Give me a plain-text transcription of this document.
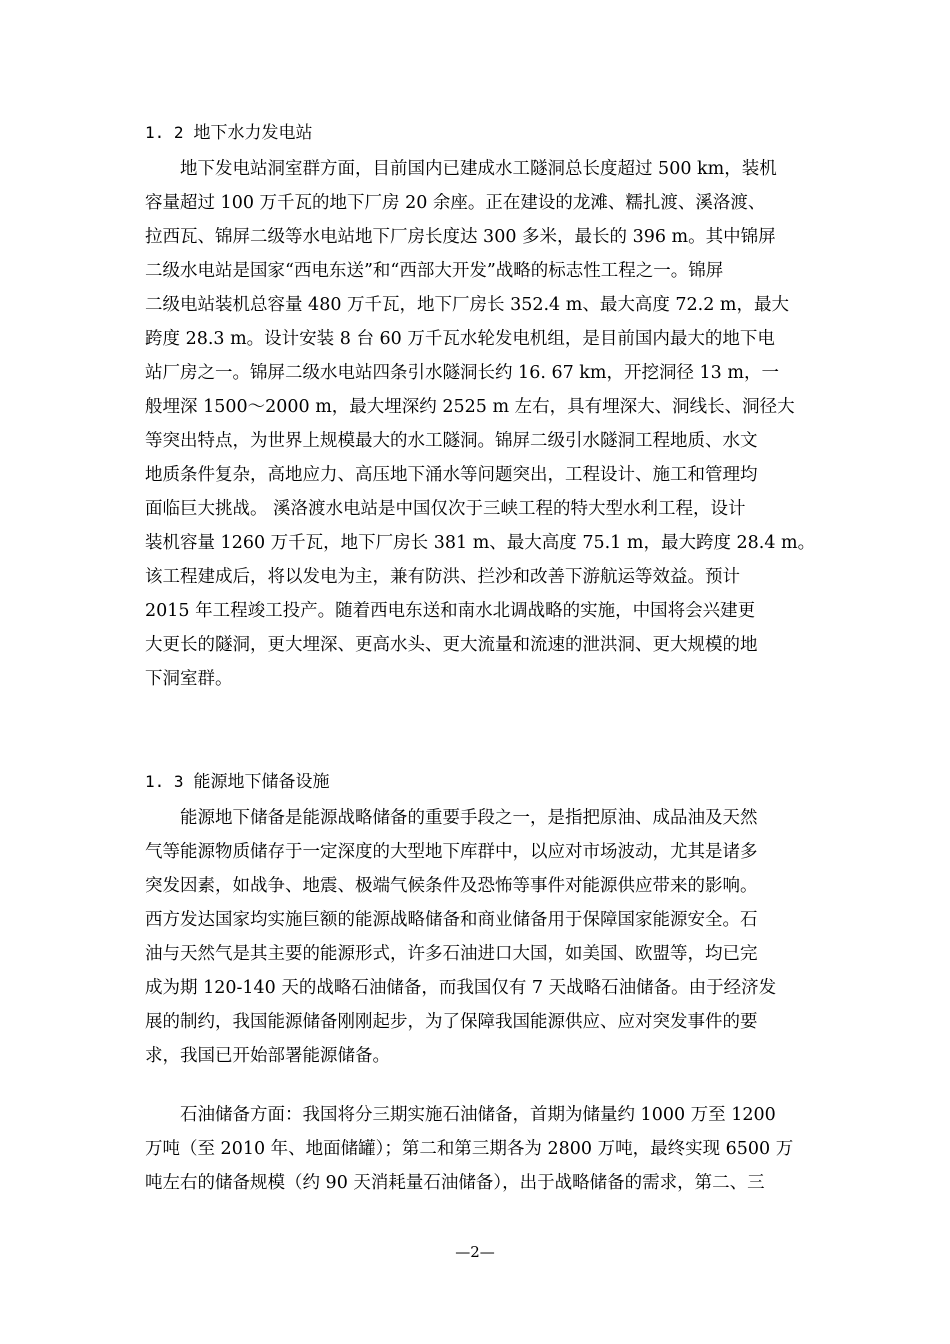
1. 2 地下水力发电站
　　地下发电站洞室群方面，目前国内已建成水工隧洞总长度超过 500 km，装机
容量超过 100 万千瓦的地下厂房 20 余座。正在建设的龙滩、糯扎渡、溪洛渡、
拉西瓦、锦屏二级等水电站地下厂房长度达 300 多米，最长的 396 m。其中锦屏
二级水电站是国家“西电东送”和“西部大开发”战略的标志性工程之一。锦屏
二级电站装机总容量 480 万千瓦，地下厂房长 352.4 m、最大高度 72.2 m，最大
跨度 28.3 m。设计安装 8 台 60 万千瓦水轮发电机组，是目前国内最大的地下电
站厂房之一。锦屏二级水电站四条引水隧洞长约 16. 67 km，开挖洞径 13 m，一
般埋深 1500～2000 m，最大埋深约 2525 m 左右，具有埋深大、洞线长、洞径大
等突出特点，为世界上规模最大的水工隧洞。锦屏二级引水隧洞工程地质、水文
地质条件复杂，高地应力、高压地下涌水等问题突出，工程设计、施工和管理均
面临巨大挑战。 溪洛渡水电站是中国仅次于三峡工程的特大型水利工程，设计
装机容量 1260 万千瓦，地下厂房长 381 m、最大高度 75.1 m，最大跨度 28.4 m。
该工程建成后，将以发电为主，兼有防洪、拦沙和改善下游航运等效益。预计
2015 年工程竣工投产。随着西电东送和南水北调战略的实施，中国将会兴建更
大更长的隧洞，更大埋深、更高水头、更大流量和流速的泄洪洞、更大规模的地
下洞室群。
1. 3 能源地下储备设施
　　能源地下储备是能源战略储备的重要手段之一，是指把原油、成品油及天然
气等能源物质储存于一定深度的大型地下库群中，以应对市场波动，尤其是诸多
突发因素，如战争、地震、极端气候条件及恐怖等事件对能源供应带来的影响。
西方发达国家均实施巨额的能源战略储备和商业储备用于保障国家能源安全。石
油与天然气是其主要的能源形式，许多石油进口大国，如美国、欧盟等，均已完
成为期 120-140 天的战略石油储备，而我国仅有 7 天战略石油储备。由于经济发
展的制约，我国能源储备刚刚起步，为了保障我国能源供应、应对突发事件的要
求，我国已开始部署能源储备。
　　石油储备方面：我国将分三期实施石油储备，首期为储量约 1000 万至 1200
万吨（至 2010 年、地面储罐）；第二和第三期各为 2800 万吨，最终实现 6500 万
吨左右的储备规模（约 90 天消耗量石油储备），出于战略储备的需求，第二、三
—2—
